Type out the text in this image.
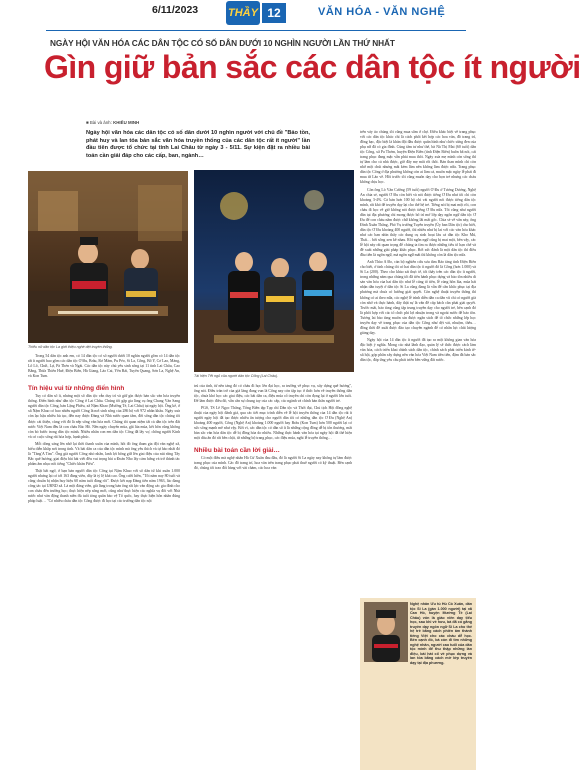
6/11/2023	THẦY 12	VĂN HÓA - VĂN NGHỆ
NGÀY HỘI VĂN HÓA CÁC DÂN TỘC CÓ SỐ DÂN DƯỚI 10 NGHÌN NGƯỜI LẦN THỨ NHẤT
Gìn giữ bản sắc các dân tộc ít người
■ Bài và ảnh: KHIẾU MINH
Ngày hội văn hóa các dân tộc có số dân dưới 10 nghìn người với chủ đề "Bảo tồn, phát huy và lan tỏa bản sắc văn hóa truyền thống của các dân tộc rất ít người" lần đầu tiên được tổ chức tại tỉnh Lai Châu từ ngày 3 - 5/11. Sự kiện đặt ra nhiều bài toán cần giải đáp cho các cấp, ban, ngành…
Thiếu nữ dân tộc La giới thiệu nghề dệt truyền thống.
Tái hiện Tết ngủ của người dân tộc Cống (Lai Châu).

Trong 54 dân tộc anh em, có 14 dân tộc có số người dưới 10 nghìn người gồm có 14 dân tộc rất ít người bao gồm các dân tộc Ơ Đu, Brâu, Rơ Măm, Pu Péo, Si La, Cống, Bố Y, Cơ Lao, Mảng, Lô Lô, Chứt, Lự, Pà Thẻn và Ngái. Các dân tộc này chủ yếu sinh sống tại 11 tỉnh Lai Châu, Cao Bằng, Thừa Thiên Huế, Điện Biên, Hà Giang, Lào Cai, Yên Bái, Tuyên Quang, Sơn La, Nghệ An, và Kon Tum.

Tín hiệu vui từ những điển hình

Tuy có dân số ít, nhưng một số dân tộc vẫn duy trì và giữ gìn được bản sắc văn hóa truyền thống. Điển hình như dân tộc Cống ở Lai Châu. Chúng tôi gặp gia làng cụ ông Chang Văn Sang người dân tộc Cống, bản Lặng Phiêu, xã Nậm Khao (Mường Tè, Lai Châu) tại ngày hội. Ông kể, ở xã Nậm Khao có bao nhiêu người Cống là nơi sinh sống của 286 hộ với 972 nhân khẩu. Ngày xưa còn lạc hậu nhiều hủ tục, đến nay được Đảng và Nhà nước quan tâm, đời sống dân tộc chúng tôi được cải thiện, cùng với đó là nếp sống văn hóa mới. Chúng tôi quan niệm tất cả dân tộc trên đất nước Việt Nam đều là con cháu Bác Hồ. Nên ngày chuyển mùa, gặt lúa mùa, kết hôn cũng không còn bỏ bước trong dân tộc mình. Nhiều nhân con em dân tộc Cống đã lấy vợ, chồng người Kinh và có cuộc sống rất hòa hợp, hạnh phúc.

Mỗi dòng sáng lên nhờ lại thời thanh xuân của mình, hồi đó ông tham gia đội văn nghệ xã, biểu diễn khắp nơi trong tỉnh. Và bài dân ca của dân tộc mình mà ông yêu thích và tự hào nhất đó là "Tăng'A Tim". Ông già người Cống nhỏ nhắn, lanh lợi bống giữ lên giai điệu của núi rừng Tây Bắc quê hương, giai điệu bài hát viết đều vui trọng bài a Đoán Nho lấy cảm hứng và trở thành tác phẩm âm nhạc nổi tiếng "Chiếc khăn Piêu".

Thật bất ngờ, ở bạn bản người dân tộc Cống tại Nậm Khao với số dân từ khi xuân 1.000 người nhưng lại có tới 163 đảng viên, dây là tỷ lệ khá cao. Ông cười hiền, "Tôi năm nay 80 tuổi và cũng chuẩn bị nhận huy hiệu 60 năm tuổi đảng rồi". Được kết nạp Đảng tiên năm 1963, lúc đang công tác tại UBND xã. Là một đảng viên, già làng trong bản ông rất lực văn động các gia đình cho con cháu đến trường học; thực hiện nếp sống mới, cũng như thực hiện các nghĩa vụ đối với Nhà nước như văn động thanh niên đủ tuổi tòng quân bảo vệ Tổ quốc, hay thực hiện hôn nhân đúng pháp luật… "Có nhiều cháu dân tộc Cống được đi học tại các trường dân tộc nội

trú của tỉnh, từ nền tảng đó có cháu đi học lên đại học, ra trường về phục vụ, xây dựng quê hương", ông nói. Điều trăn trở của già làng đang vun là Cống nay còn tập tục ở thức hơn về truyền thống dân tộc, chưa khó học các giai điệu, các bài dân ca, điệu múa cổ truyền chỉ còn đọng lại ở người lớn tuổi. Để làm được điều đó, vẫn cần sự chung tay của các cấp, các ngành và chính bản thân người trẻ.

PGS, TS Lê Ngọc Thắng, Tổng Biên tập Tạp chí Dân tộc và Thời đại, Chủ tịch Hội đồng nghệ thuật của ngày hội đánh giá, qua các tiết mục trình diễn về lễ hội truyền thống của 14 dân tộc rất ít người ngày hội đã tạo được nhiều ấn tượng cho người dân tôi có những dân tộc Ơ Đu (Nghệ An) khoảng 400 người, Cống (Nghệ An) khoảng 1.000 người hay Brâu (Kon Tum) hơn 500 người lại có sức sống mạnh mẽ như vậy. Bởi vì, các dân tộc có dân số ít là những cộng đồng dễ bị tổn thương, mất bản sắc văn hóa dân tộc dễ bị đồng hóa do nhiều. Những thực hành văn hóa tại ngày hội đã thể hiện một dấu ấn đó rất bền chặt, từ những bộ trang phục, các điệu múa, nghi lễ truyền thống…

Nhiều bài toán cần lời giải…

Có một điều mà nghệ nhân Hà Cừ Xuân đau đầu, đó là người Si La ngày nay không tự làm được trang phục của mình. Các đồ trang trí, hoa văn trên trang phục phải thuê người có kỹ thuật. Bên cạnh đó, chúng tôi trao đổi hàng với vài chàm, các hoa văn

trên váy áo chúng tôi cũng mua sắm ở chợ. Điều khác biệt về trang phục với các dân tộc khác chỉ là cách phối kết hợp các hoa văn, đồ trang trí, đồng bạc, đặc biệt là khăn đội đầu được quấn hình như chiếc sừng đen của phụ nữ đã có gia đình. Cùng tâm tư như thế, bà Nà Thị Mai (60 tuổi) dân tộc Cống, xã Pa Thơm, huyện Điện Biên (tỉnh Điện Biên) buồn bã nói, cái trang phục đang mặc vẫn phải mua thôi. Ngày xưa mẹ mình còn sống thì tự làm cho cả nhà được, giờ đây mẹ mất rồi thôi. Bản than mình chỉ còn nhớ một chút nhưng mắt kém lắm nên không làm được nữa. Trang phục dân tộc Cống ở địa phương không còn ai làm cả, muốn mặc ngày lễ phải đi mua từ Lào về. Hồi trước tôi cũng muốn dạy cho bọn trẻ nhưng các cháu không chịu học.

Còn ông Lò Văn Cường (59 tuổi) người Ơ Đu ở Tương Dương, Nghệ An chia sẻ, người Ơ Đu còn biết và nói được tiếng Ơ Đu như tôi chỉ còn khoảng 3-4%. Cả bản hơn 100 hộ chỉ vài người nói được tiếng dân tộc mình, rất khó để truyền dạy lại cho thế hệ trẻ. Tiếng nói bị mai một rồi, con cháu đi học về giờ không nói được tiếng Ơ Đu nữa. Tôi cũng như người dân tại địa phương chỉ mong được bố trí mở lớp dạy ngôn ngữ dân tộc Ơ Đu để con cháu nắm được chữ không lãi mất gốc. Chia sẻ về vấn này, ông Đinh Xuân Thắng, Phó Vụ trưởng Tuyên truyền (Ủy ban Dân tộc) cho biết, dân tộc Ơ Đu khoảng 400 người, thì nhiều như bị lai với các văn hóa khác như các ban nhìn thấy các dung cụ sinh hoạt lâu cả dân tộc Kho Mú, Thái… bởi sống xen kẽ nhau. Rồi ngôn ngữ cũng bị mai một, bên vậy, các lễ hội này rất quan trọng để chúng ta tìm ra được những tiêu tố hạn chế và đề xuất những giải pháp khắc phục. Bởi sức đánh là một dân tộc thì điều đầu tiên là ngôn ngữ, mà ngôn ngữ mất thì không còn là dân tộc nữa.

Anh Thào A Đo, cán bộ nghiên cứu sưu tầm Báo tàng tỉnh Điện Biên cho biết, ở tỉnh chúng tôi có hai dân tộc ít người đó là Cống (hơn 1.000) và Si La (200). Theo cho khảo sát thực tế, tôi thấy trên các dân tộc ít người, trong những năm qua chúng tôi đã tiến hành phục dựng và bảo tồn nhiều di sản văn hóa của hai dân tộc như lễ cúng tổ tiên, lễ cúng hồn lúa, múa hát nhận dân tuyệt ở dân tộc Si La cũng đang là vẫn để cần khắc phục tại địa phương mà chưa có hướng giải quyết. Còn nghệ thuật truyền thống thì không có ai theo nữa, các nghệ lễ trình diễn dân ca dân vũ chỉ có người già còn nhớ và thực hành, dây thật sự là vấn đề cấp bách cần phải giải quyết. Trước mắt, bảo tàng cũng tập trung truyền dạy cho người trẻ, bên cạnh đó là phối hợp với các tổ chức phi lợi nhuận trong và ngoài nước để bảo tồn. Tương lai bảo tàng muốn xin được ngân sách để tổ chức những lớp học truyền dạy về trang phục của dân tộc Cống như dệt vải, nhuộm, thêu… đồng thời đề xuất được đào tạo chuyên ngành để có nhân lực chất lượng giảng dạy.

Ngày hội của 14 dân tộc ít người đã tạo ra một không gian văn hóa đặc biệt ý nghĩa. Mong các nhà lãnh đạo, quản lý sẽ thức được cách làm văn hóa, cách triển khai chính sách dân tộc, chính sách phát triển kinh tế-xã hội, góp phần xây dựng nền văn hóa Việt Nam tiên tiến, đậm đà bản sắc dân tộc, đáp ứng yêu cầu phát triển bền vững đất nước.

Nghệ nhân Ưu tú Hù Cồ Xuân, dân tộc Si La (gần 1.000 người) tại xã Can Hồ, huyện Mường Tè (Lai Châu) vốn là giáo viên dạy tiểu học, sau khi về hưu, bà đã có gắng truyền dạy ngôn ngữ Si La cho thế hệ trẻ bằng cách phiên âm thành tiếng Việt cho các cháu dễ học. Bên cạnh đó, bà còn đi tìm những nghệ nhân, người cao tuổi của dân tộc mình để thu thập những làn điệu, bài hát cổ về phục dựng và lan tỏa bằng cách mở lớp truyền dạy tại địa phương.
